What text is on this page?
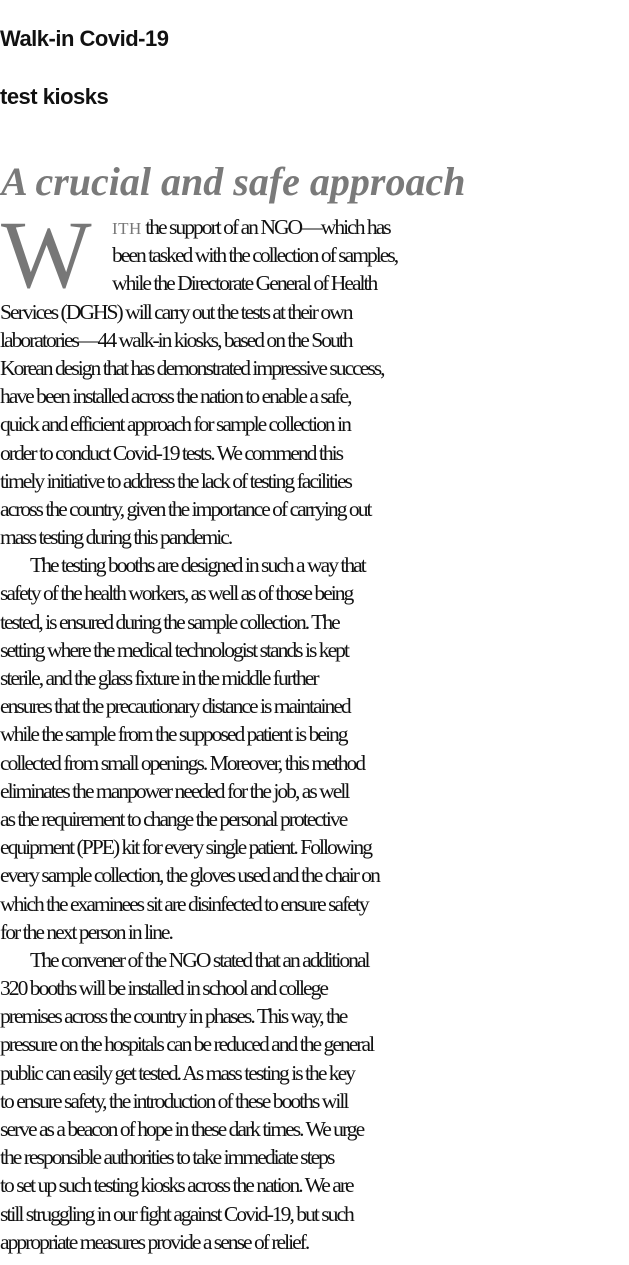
Walk-in Covid-19
test kiosks
A crucial and safe approach
W	ITH the support of an NGO—which has
been tasked with the collection of samples,
while the Directorate General of Health
Services (DGHS) will carry out the tests at their own
laboratories—44 walk-in kiosks, based on the South
Korean design that has demonstrated impressive success,
have been installed across the nation to enable a safe,
quick and efficient approach for sample collection in
order to conduct Covid-19 tests. We commend this
timely initiative to address the lack of testing facilities
across the country, given the importance of carrying out
mass testing during this pandemic.
The testing booths are designed in such a way that
safety of the health workers, as well as of those being
tested, is ensured during the sample collection. The
setting where the medical technologist stands is kept
sterile, and the glass fixture in the middle further
ensures that the precautionary distance is maintained
while the sample from the supposed patient is being
collected from small openings. Moreover, this method
eliminates the manpower needed for the job, as well
as the requirement to change the personal protective
equipment (PPE) kit for every single patient. Following
every sample collection, the gloves used and the chair on
which the examinees sit are disinfected to ensure safety
for the next person in line.
The convener of the NGO stated that an additional
320 booths will be installed in school and college
premises across the country in phases. This way, the
pressure on the hospitals can be reduced and the general
public can easily get tested. As mass testing is the key
to ensure safety, the introduction of these booths will
serve as a beacon of hope in these dark times. We urge
the responsible authorities to take immediate steps
to set up such testing kiosks across the nation. We are
still struggling in our fight against Covid-19, but such
appropriate measures provide a sense of relief.
